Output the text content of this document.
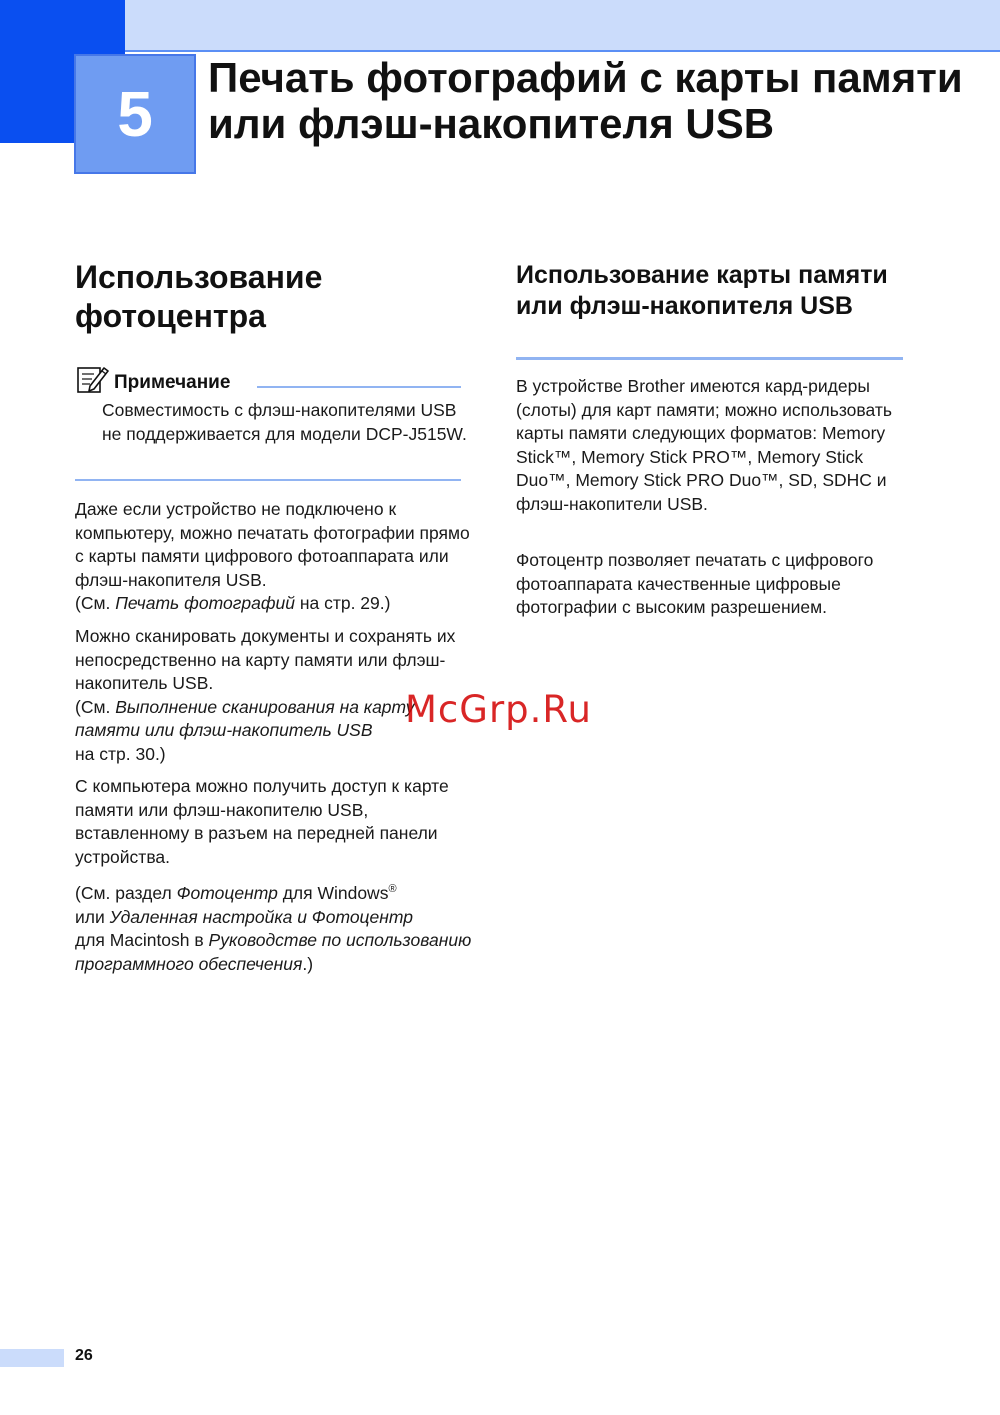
5
Печать фотографий с карты памяти или флэш-накопителя USB
Использование фотоцентра

Примечание

Совместимость с флэш-накопителями USB не поддерживается для модели DCP-J515W.

Даже если устройство не подключено к компьютеру, можно печатать фотографии прямо с карты памяти цифрового фотоаппарата или флэш-накопителя USB.
(См. Печать фотографий на стр. 29.)

Можно сканировать документы и сохранять их непосредственно на карту памяти или флэш-накопитель USB.
(См. Выполнение сканирования на карту памяти или флэш-накопитель USB
на стр. 30.)

С компьютера можно получить доступ к карте памяти или флэш-накопителю USB, вставленному в разъем на передней панели устройства.

(См. раздел Фотоцентр для Windows®
или Удаленная настройка и Фотоцентр
для Macintosh в Руководстве по использованию программного обеспечения.)

Использование карты памяти или флэш-накопителя USB

В устройстве Brother имеются кард-ридеры (слоты) для карт памяти; можно использовать карты памяти следующих форматов: Memory Stick™, Memory Stick PRO™, Memory Stick Duo™, Memory Stick PRO Duo™, SD, SDHC и флэш-накопители USB.

Фотоцентр позволяет печатать с цифрового фотоаппарата качественные цифровые фотографии с высоким разрешением.

McGrp.Ru

26
